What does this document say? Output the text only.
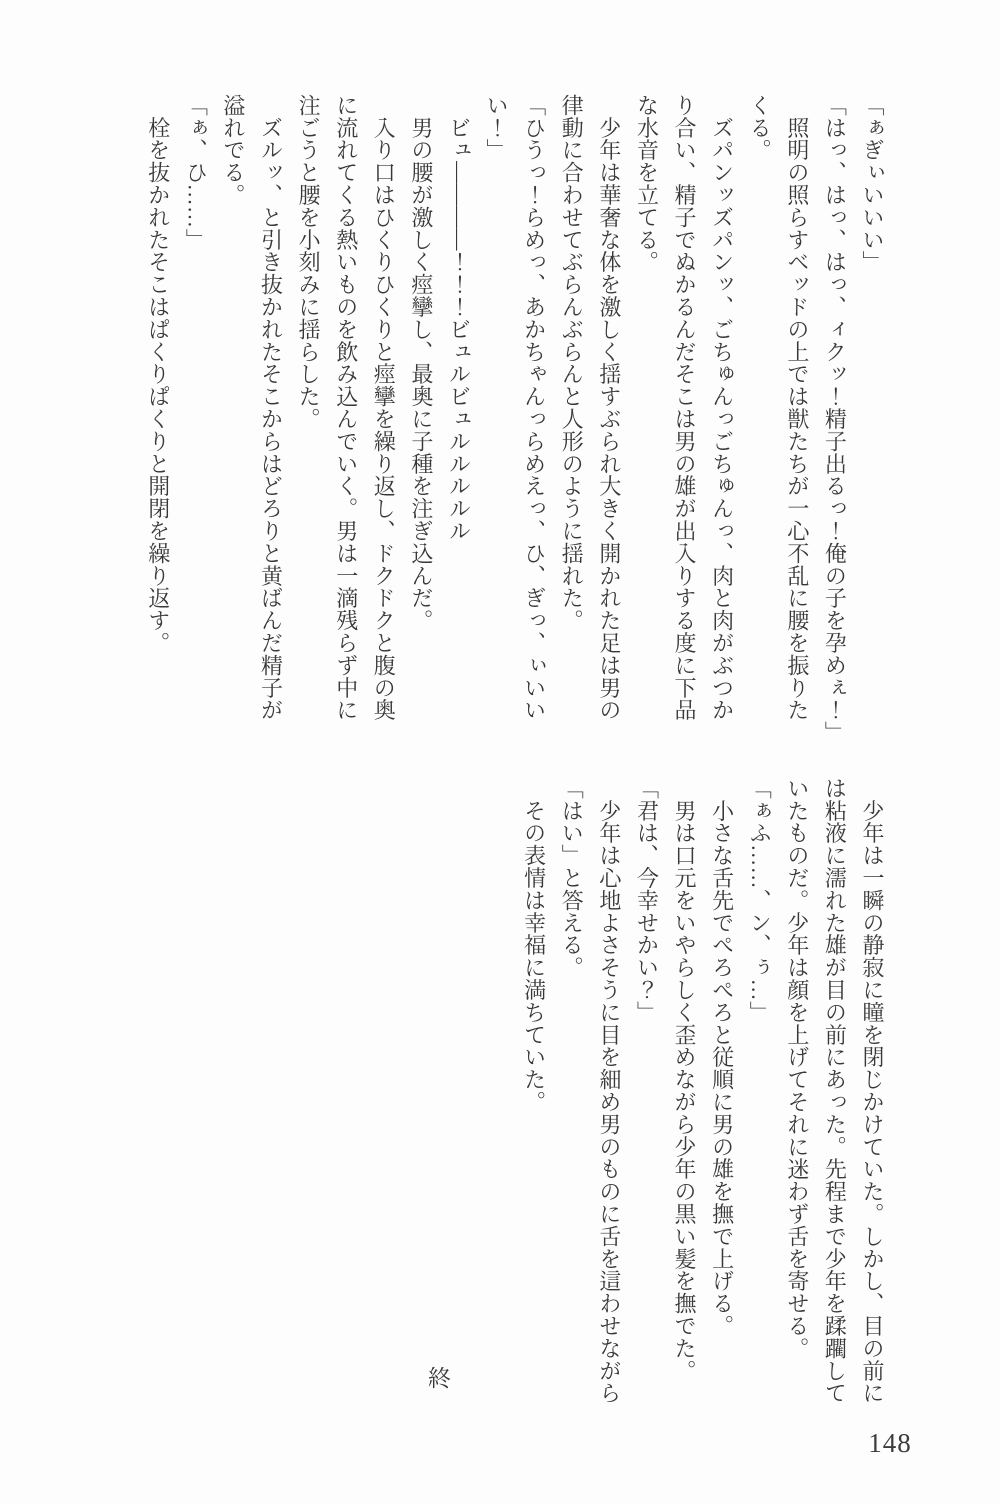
「ぁぎぃいいい」

「はっ、はっ、はっ、ィクッ！精子出るっ！俺の子を孕めぇ！」

　照明の照らすベッドの上では獣たちが一心不乱に腰を振りた

くる。

　ズパンッズパンッ、ごちゅんっごちゅんっ、肉と肉がぶつか

り合い、精子でぬかるんだそこは男の雄が出入りする度に下品

な水音を立てる。

　少年は華奢な体を激しく揺すぶられ大きく開かれた足は男の

律動に合わせてぶらんぶらんと人形のように揺れた。

「ひうっ！らめっ、あかちゃんっらめえっ、ひ、ぎっ、ぃいい

い！」

　ビュ――――！！！ビュルビュルルルルル

　男の腰が激しく痙攣し、最奥に子種を注ぎ込んだ。

　入り口はひくりひくりと痙攣を繰り返し、ドクドクと腹の奥

に流れてくる熱いものを飲み込んでいく。男は一滴残らず中に

注ごうと腰を小刻みに揺らした。

　ズルッ、と引き抜かれたそこからはどろりと黄ばんだ精子が

溢れでる。

「ぁ、ひ……」

　栓を抜かれたそこはぱくりぱくりと開閉を繰り返す。

　少年は一瞬の静寂に瞳を閉じかけていた。しかし、目の前に

は粘液に濡れた雄が目の前にあった。先程まで少年を蹂躙して

いたものだ。少年は顔を上げてそれに迷わず舌を寄せる。

「ぁふ……、ン、ぅ…」

　小さな舌先でぺろぺろと従順に男の雄を撫で上げる。

　男は口元をいやらしく歪めながら少年の黒い髪を撫でた。

「君は、今幸せかい？」

　少年は心地よさそうに目を細め男のものに舌を這わせながら

「はい」と答える。

　その表情は幸福に満ちていた。

終
148
